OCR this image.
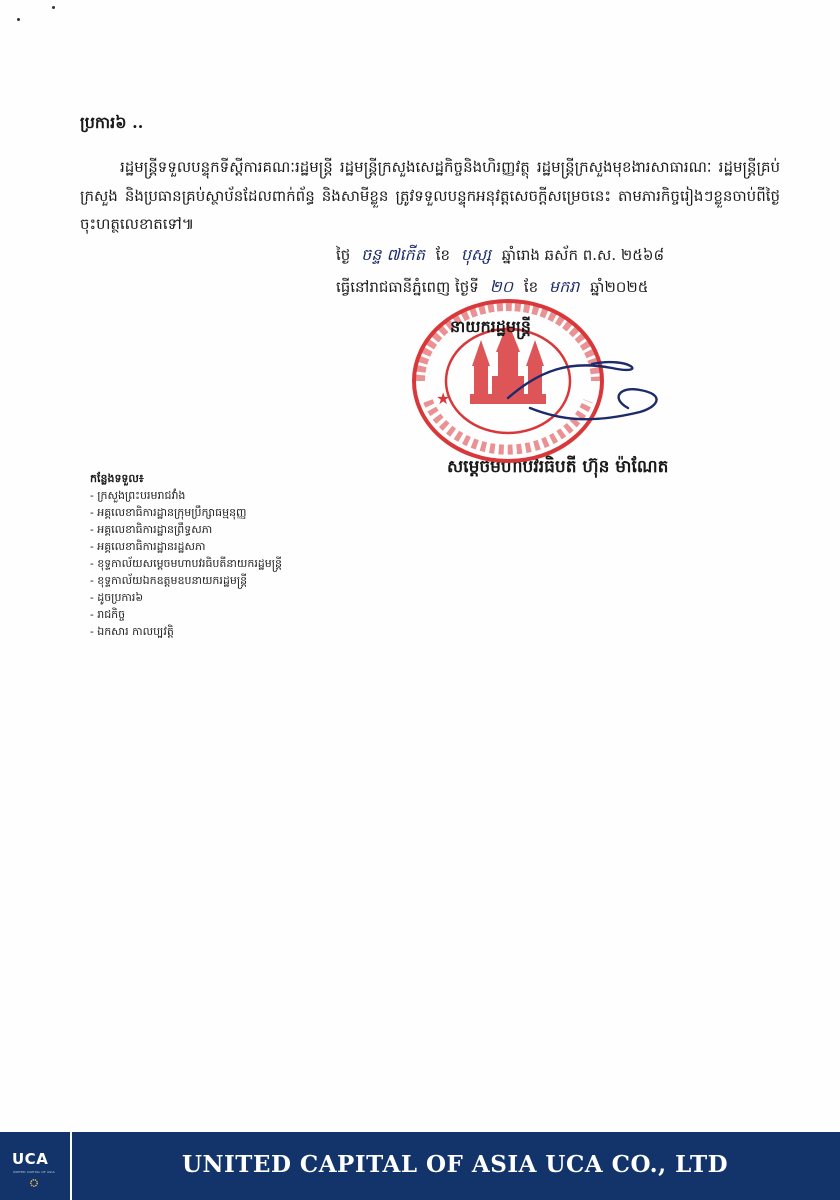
ប្រការ៦ ..

រដ្ឋមន្ត្រីទទួលបន្ទុកទីស្តីការគណៈរដ្ឋមន្ត្រី រដ្ឋមន្ត្រីក្រសួងសេដ្ឋកិច្ចនិងហិរញ្ញវត្ថុ រដ្ឋមន្ត្រីក្រសួងមុខងារសាធារណៈ រដ្ឋមន្ត្រីគ្រប់ក្រសួង និងប្រធានគ្រប់ស្ថាប័នដែលពាក់ព័ន្ធ និងសាមីខ្លួន ត្រូវទទួលបន្ទុកអនុវត្តសេចក្តីសម្រេចនេះ តាមភារកិច្ចរៀងៗខ្លួនចាប់ពីថ្ងៃចុះហត្ថលេខាតទៅ៕

ថ្ងៃ ចន្ទ ៧កើត ខែ បុស្ស ឆ្នាំរោង ឆស័ក ព.ស. ២៥៦៨
ធ្វើនៅរាជធានីភ្នំពេញ ថ្ងៃទី ២០ ខែ មករា ឆ្នាំ២០២៥
★
នាយករដ្ឋមន្ត្រី
សម្តេចមហាបវរធិបតី ហ៊ុន ម៉ាណែត
កន្លែងទទួល៖
- ក្រសួងព្រះបរមរាជវាំង
- អគ្គលេខាធិការដ្ឋានក្រុមប្រឹក្សាធម្មនុញ្ញ
- អគ្គលេខាធិការដ្ឋានព្រឹទ្ធសភា
- អគ្គលេខាធិការដ្ឋានរដ្ឋសភា
- ខុទ្ទកាល័យសម្តេចមហាបវរធិបតីនាយករដ្ឋមន្ត្រី
- ខុទ្ទកាល័យឯកឧត្តមឧបនាយករដ្ឋមន្ត្រី
- ដូចប្រការ៦
- រាជកិច្ច
- ឯកសារ កាលប្បវត្តិ
UCA
UNITED CAPITAL OF ASIA	UNITED CAPITAL OF ASIA UCA CO., LTD
